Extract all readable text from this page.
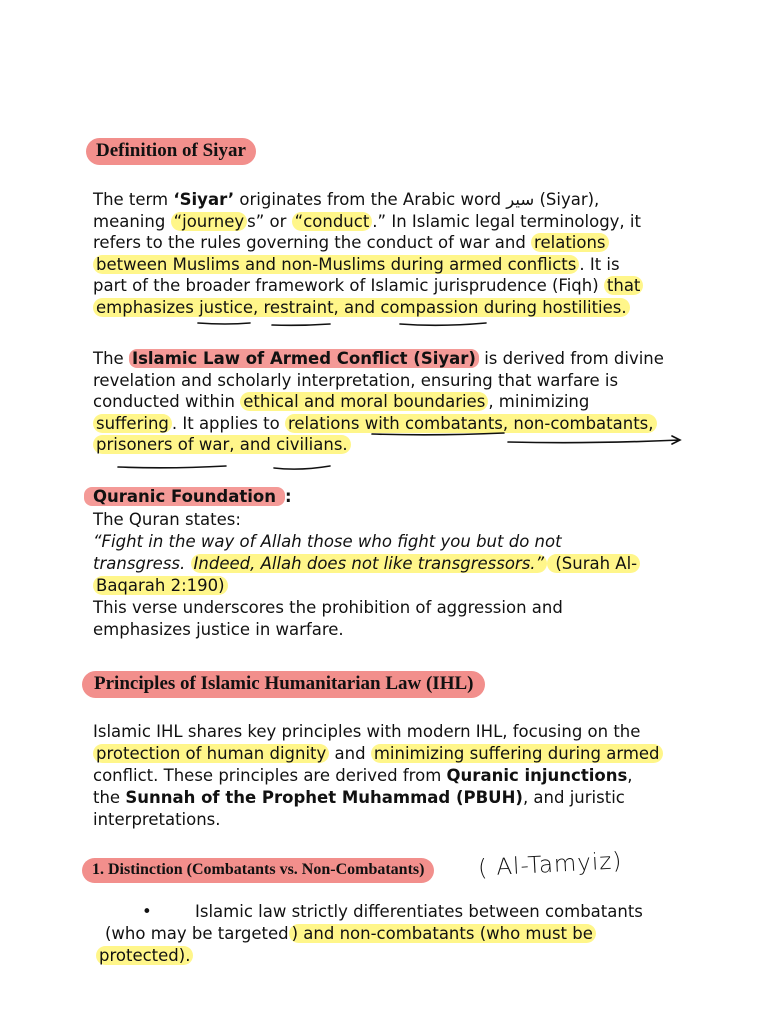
Definition of Siyar
The term ‘Siyar’ originates from the Arabic word سير (Siyar),
meaning “journey s” or “conduct .” In Islamic legal terminology, it
refers to the rules governing the conduct of war and relations
between Muslims and non-Muslims during armed conflicts . It is
part of the broader framework of Islamic jurisprudence (Fiqh) that
emphasizes justice, restraint, and compassion during hostilities.
The Islamic Law of Armed Conflict (Siyar) is derived from divine
revelation and scholarly interpretation, ensuring that warfare is
conducted within ethical and moral boundaries , minimizing
suffering . It applies to relations with combatants, non-combatants,
prisoners of war, and civilians.
Quranic Foundation :
The Quran states:
“Fight in the way of Allah those who fight you but do not
transgress. Indeed, Allah does not like transgressors.” (Surah Al-
Baqarah 2:190)
This verse underscores the prohibition of aggression and
emphasizes justice in warfare.
Principles of Islamic Humanitarian Law (IHL)
Islamic IHL shares key principles with modern IHL, focusing on the
protection of human dignity and minimizing suffering during armed
conflict. These principles are derived from Quranic injunctions,
the Sunnah of the Prophet Muhammad (PBUH), and juristic
interpretations.
1. Distinction (Combatants vs. Non-Combatants)	( Al-Tamyiz)
•	Islamic law strictly differentiates between combatants
(who may be targeted ) and non-combatants (who must be
protected).
